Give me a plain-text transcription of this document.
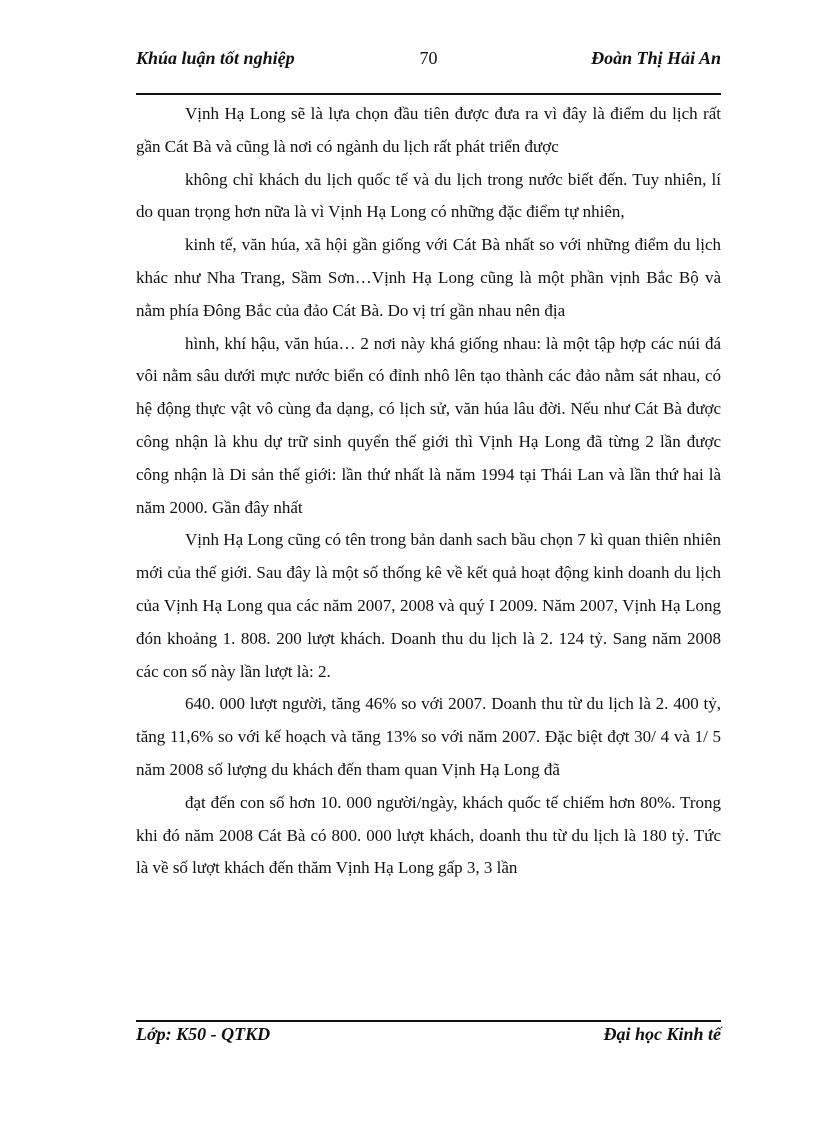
Khúa luận tốt nghiệp	70	Đoàn Thị Hải An

Vịnh Hạ Long sẽ là lựa chọn đầu tiên được đưa ra vì đây là điểm du lịch rất gần Cát Bà và cũng là nơi có ngành du lịch rất phát triển được

không chỉ khách du lịch quốc tế và du lịch trong nước biết đến. Tuy nhiên, lí do quan trọng hơn nữa là vì Vịnh Hạ Long có những đặc điểm tự nhiên,

kinh tế, văn húa, xã hội gần giống với Cát Bà nhất so với những điểm du lịch khác như Nha Trang, Sầm Sơn…Vịnh Hạ Long cũng là một phần vịnh Bắc Bộ và nằm phía Đông Bắc của đảo Cát Bà. Do vị trí gần nhau nên địa

hình, khí hậu, văn húa… 2 nơi này khá giống nhau: là một tập hợp các núi đá vôi nằm sâu dưới mực nước biển có đỉnh nhô lên tạo thành các đảo nằm sát nhau, có hệ động thực vật vô cùng đa dạng, có lịch sử, văn húa lâu đời. Nếu như Cát Bà được công nhận là khu dự trữ sinh quyển thế giới thì Vịnh Hạ Long đã từng 2 lần được công nhận là Di sản thế giới: lần thứ nhất là năm 1994 tại Thái Lan và lần thứ hai là năm 2000. Gần đây nhất

Vịnh Hạ Long cũng có tên trong bản danh sach bầu chọn 7 kì quan thiên nhiên mới của thế giới. Sau đây là một số thống kê về kết quả hoạt động kinh doanh du lịch của Vịnh Hạ Long qua các năm 2007, 2008 và quý I 2009. Năm 2007, Vịnh Hạ Long đón khoảng 1. 808. 200 lượt khách. Doanh thu du lịch là 2. 124 tỷ. Sang năm 2008 các con số này lần lượt là: 2.

640. 000 lượt người, tăng 46% so với 2007. Doanh thu từ du lịch là 2. 400 tỷ, tăng 11,6% so với kế hoạch và tăng 13% so với năm 2007. Đặc biệt đợt 30/ 4 và 1/ 5 năm 2008 số lượng du khách đến tham quan Vịnh Hạ Long đã

đạt đến con số hơn 10. 000 người/ngày, khách quốc tế chiếm hơn 80%. Trong khi đó năm 2008 Cát Bà có 800. 000 lượt khách, doanh thu từ du lịch là 180 tỷ. Tức là về số lượt khách đến thăm Vịnh Hạ Long gấp 3, 3 lần

Lớp: K50 - QTKD	Đại học Kinh tế
